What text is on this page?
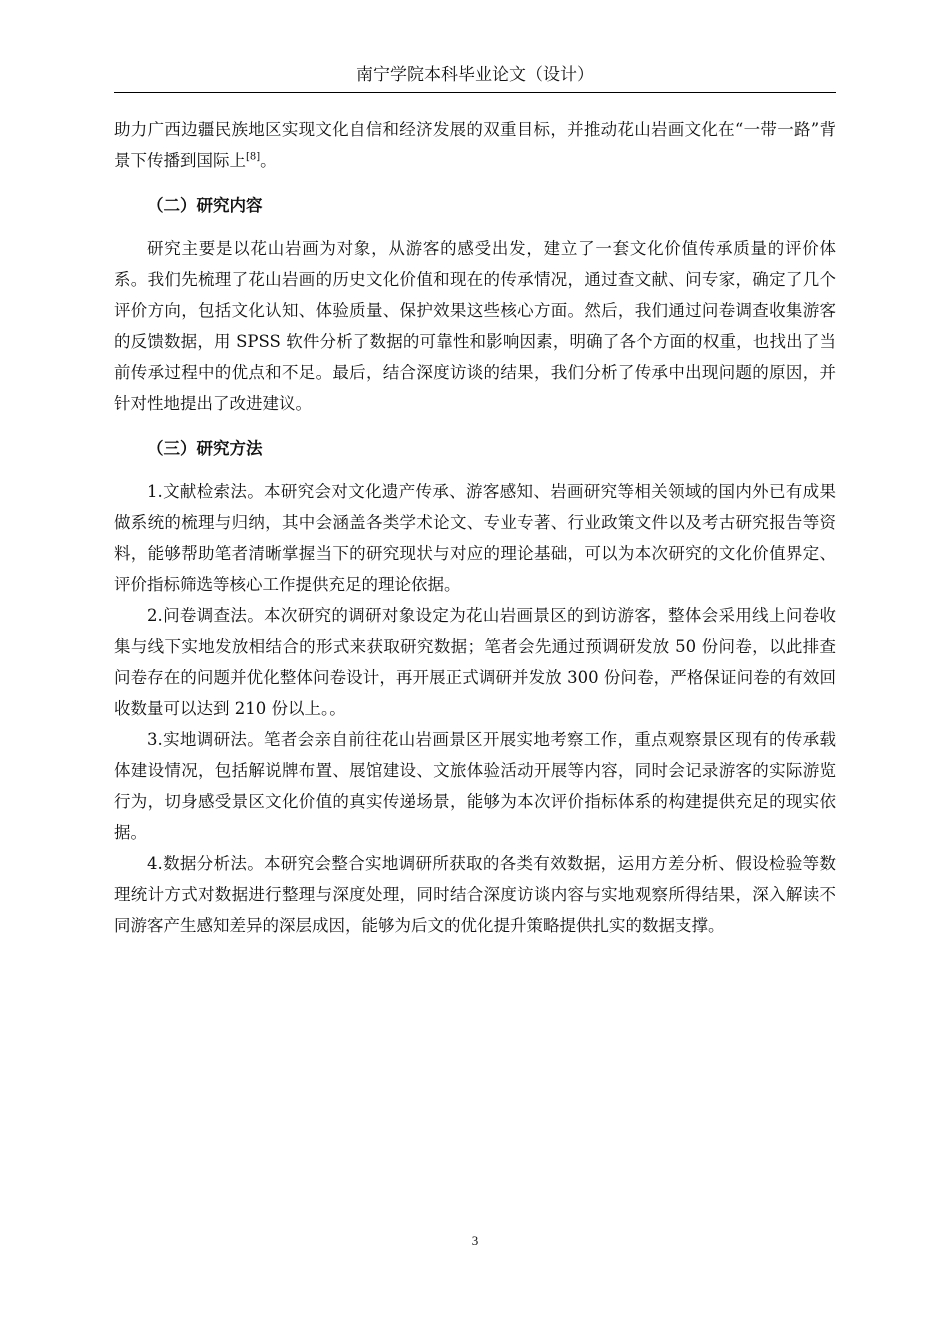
南宁学院本科毕业论文（设计）

助力广西边疆民族地区实现文化自信和经济发展的双重目标，并推动花山岩画文化在“一带一路”背景下传播到国际上[8]。

（二）研究内容

研究主要是以花山岩画为对象，从游客的感受出发，建立了一套文化价值传承质量的评价体系。我们先梳理了花山岩画的历史文化价值和现在的传承情况，通过查文献、问专家，确定了几个评价方向，包括文化认知、体验质量、保护效果这些核心方面。然后，我们通过问卷调查收集游客的反馈数据，用 SPSS 软件分析了数据的可靠性和影响因素，明确了各个方面的权重，也找出了当前传承过程中的优点和不足。最后，结合深度访谈的结果，我们分析了传承中出现问题的原因，并针对性地提出了改进建议。

（三）研究方法

1.文献检索法。本研究会对文化遗产传承、游客感知、岩画研究等相关领域的国内外已有成果做系统的梳理与归纳，其中会涵盖各类学术论文、专业专著、行业政策文件以及考古研究报告等资料，能够帮助笔者清晰掌握当下的研究现状与对应的理论基础，可以为本次研究的文化价值界定、评价指标筛选等核心工作提供充足的理论依据。

2.问卷调查法。本次研究的调研对象设定为花山岩画景区的到访游客，整体会采用线上问卷收集与线下实地发放相结合的形式来获取研究数据；笔者会先通过预调研发放 50 份问卷，以此排查问卷存在的问题并优化整体问卷设计，再开展正式调研并发放 300 份问卷，严格保证问卷的有效回收数量可以达到 210 份以上。。

3.实地调研法。笔者会亲自前往花山岩画景区开展实地考察工作，重点观察景区现有的传承载体建设情况，包括解说牌布置、展馆建设、文旅体验活动开展等内容，同时会记录游客的实际游览行为，切身感受景区文化价值的真实传递场景，能够为本次评价指标体系的构建提供充足的现实依据。

4.数据分析法。本研究会整合实地调研所获取的各类有效数据，运用方差分析、假设检验等数理统计方式对数据进行整理与深度处理，同时结合深度访谈内容与实地观察所得结果，深入解读不同游客产生感知差异的深层成因，能够为后文的优化提升策略提供扎实的数据支撑。

3
